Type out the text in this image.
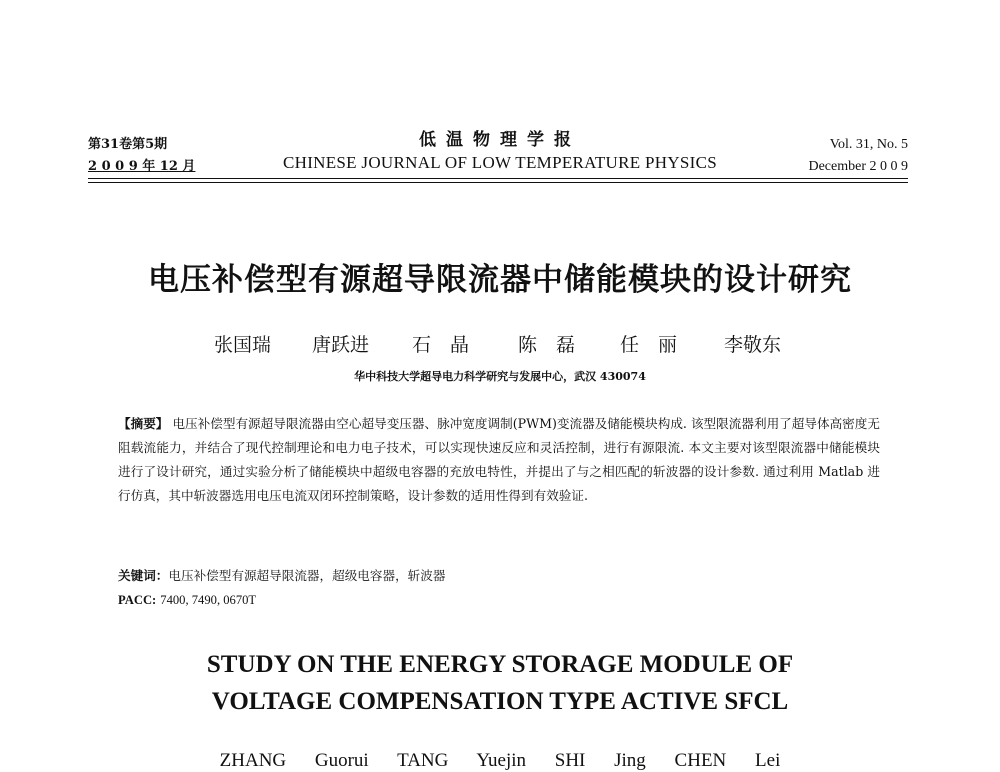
第31卷第5期
2 0 0 9 年 12 月
低温物理学报
CHINESE JOURNAL OF LOW TEMPERATURE PHYSICS
Vol. 31, No. 5
December 2 0 0 9
电压补偿型有源超导限流器中储能模块的设计研究
张国瑞 唐跃进 石　晶	陈　磊 任　丽 李敬东
华中科技大学超导电力科学研究与发展中心，武汉 430074
【摘要】 电压补偿型有源超导限流器由空心超导变压器、脉冲宽度调制(PWM)变流器及储能模块构成. 该型限流器利用了超导体高密度无阻载流能力，并结合了现代控制理论和电力电子技术，可以实现快速反应和灵活控制，进行有源限流. 本文主要对该型限流器中储能模块进行了设计研究，通过实验分析了储能模块中超级电容器的充放电特性，并提出了与之相匹配的斩波器的设计参数. 通过利用 Matlab 进行仿真，其中斩波器选用电压电流双闭环控制策略，设计参数的适用性得到有效验证.
关键词：电压补偿型有源超导限流器，超级电容器，斩波器
PACC: 7400, 7490, 0670T
STUDY ON THE ENERGY STORAGE MODULE OF
VOLTAGE COMPENSATION TYPE ACTIVE SFCL
ZHANG Guorui TANG Yuejin SHI Jing CHEN Lei
